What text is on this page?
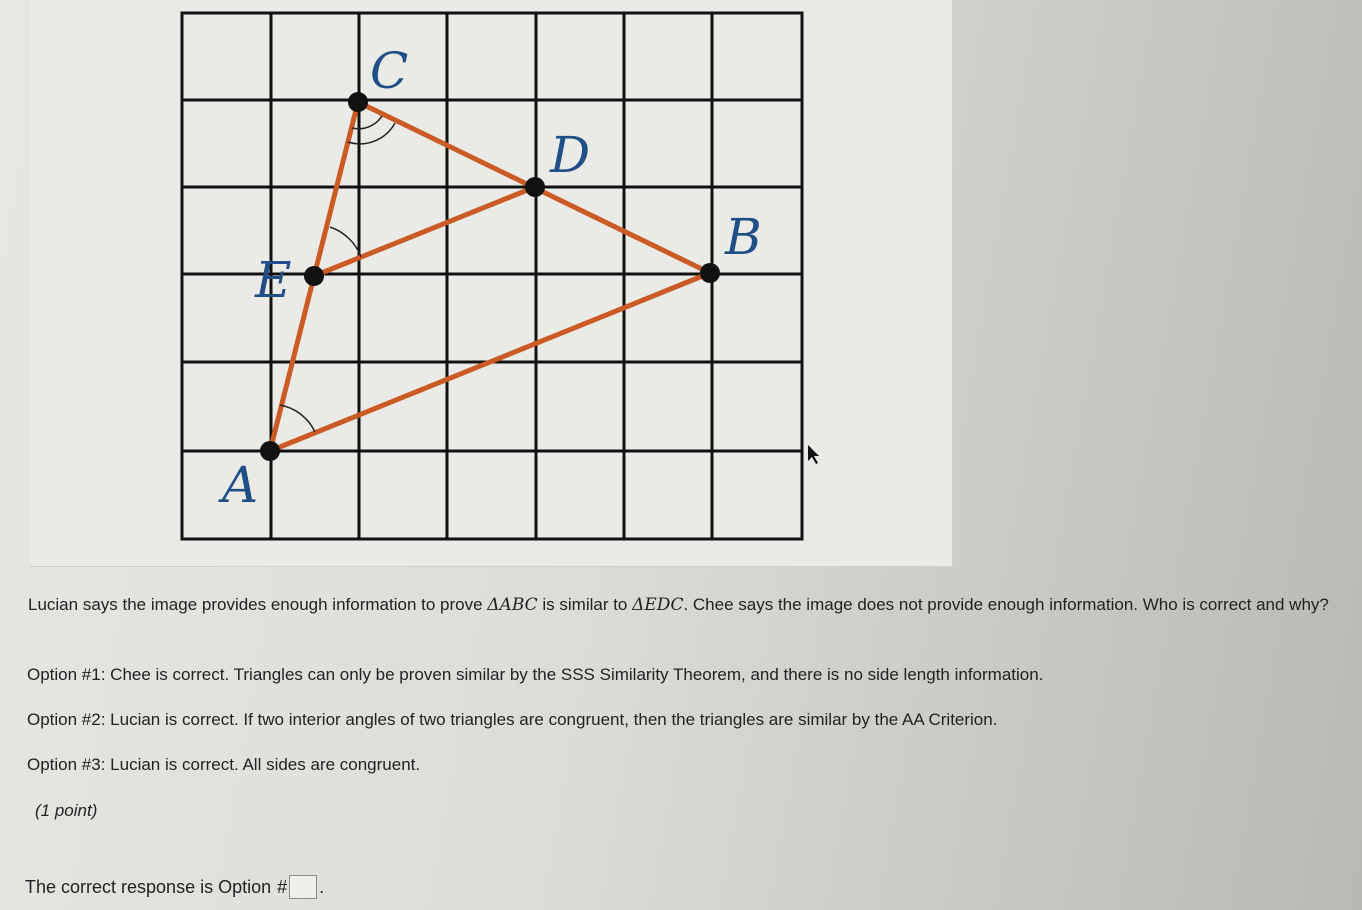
C
D
B
E
A
Lucian says the image provides enough information to prove ΔABC is similar to ΔEDC. Chee says the image does not provide enough information. Who is correct and why?
Option #1: Chee is correct. Triangles can only be proven similar by the SSS Similarity Theorem, and there is no side length information.
Option #2: Lucian is correct. If two interior angles of two triangles are congruent, then the triangles are similar by the AA Criterion.
Option #3: Lucian is correct. All sides are congruent.
(1 point)
The correct response is Option # .
